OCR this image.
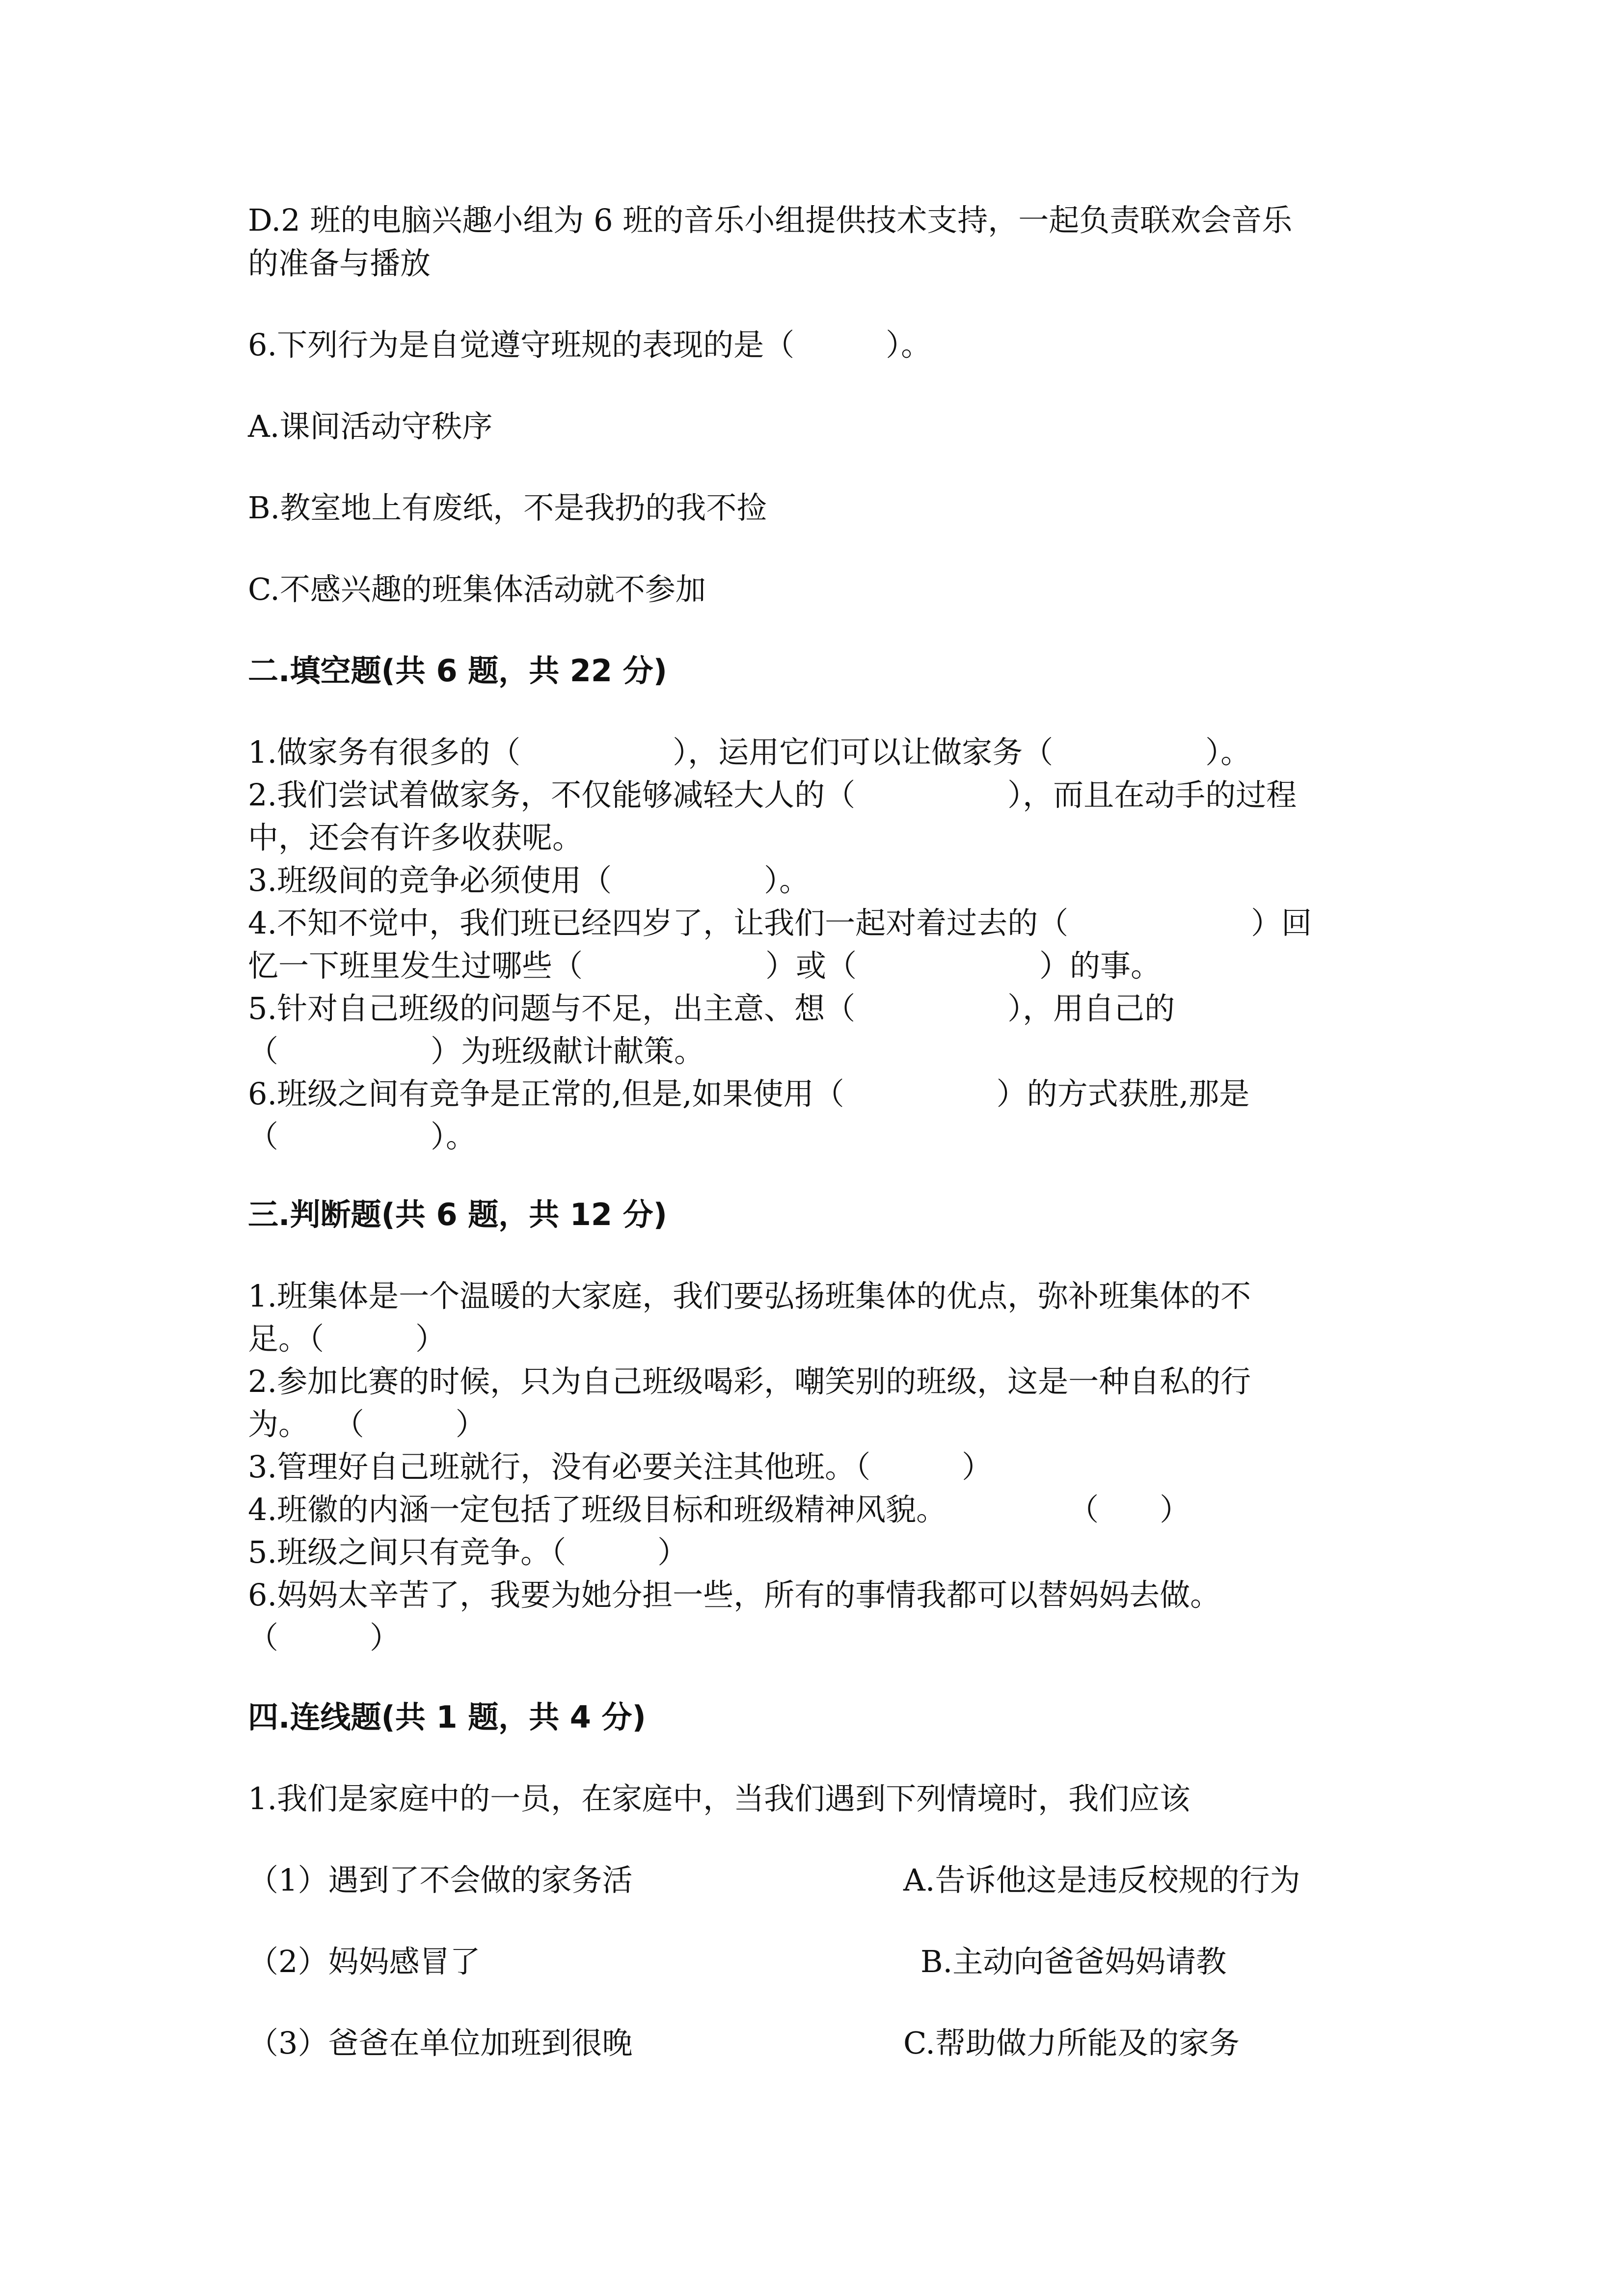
D.2 班的电脑兴趣小组为 6 班的音乐小组提供技术支持，一起负责联欢会音乐
的准备与播放
6.下列行为是自觉遵守班规的表现的是（　　　）。
A.课间活动守秩序
B.教室地上有废纸，不是我扔的我不捡
C.不感兴趣的班集体活动就不参加
二.填空题(共 6 题，共 22 分)
1.做家务有很多的（　　　　　），运用它们可以让做家务（　　　　　）。
2.我们尝试着做家务，不仅能够减轻大人的（　　　　　），而且在动手的过程
中，还会有许多收获呢。
3.班级间的竞争必须使用（　　　　　）。
4.不知不觉中，我们班已经四岁了，让我们一起对着过去的（　　　　　　）回
忆一下班里发生过哪些（　　　　　　）或（　　　　　　）的事。
5.针对自己班级的问题与不足，出主意、想（　　　　　），用自己的
（　　　　　）为班级献计献策。
6.班级之间有竞争是正常的,但是,如果使用（　　　　　）的方式获胜,那是
（　　　　　）。
三.判断题(共 6 题，共 12 分)
1.班集体是一个温暖的大家庭，我们要弘扬班集体的优点，弥补班集体的不
足。（　　　）
2.参加比赛的时候，只为自己班级喝彩，嘲笑别的班级，这是一种自私的行
为。　 （　　　）
3.管理好自己班就行，没有必要关注其他班。（　　　）
4.班徽的内涵一定包括了班级目标和班级精神风貌。　　　　　（　　）
5.班级之间只有竞争。（　　　）
6.妈妈太辛苦了，我要为她分担一些，所有的事情我都可以替妈妈去做。
（　　　）
四.连线题(共 1 题，共 4 分)
1.我们是家庭中的一员，在家庭中，当我们遇到下列情境时，我们应该
（1）遇到了不会做的家务活	A.告诉他这是违反校规的行为
（2）妈妈感冒了	B.主动向爸爸妈妈请教
（3）爸爸在单位加班到很晚	C.帮助做力所能及的家务
